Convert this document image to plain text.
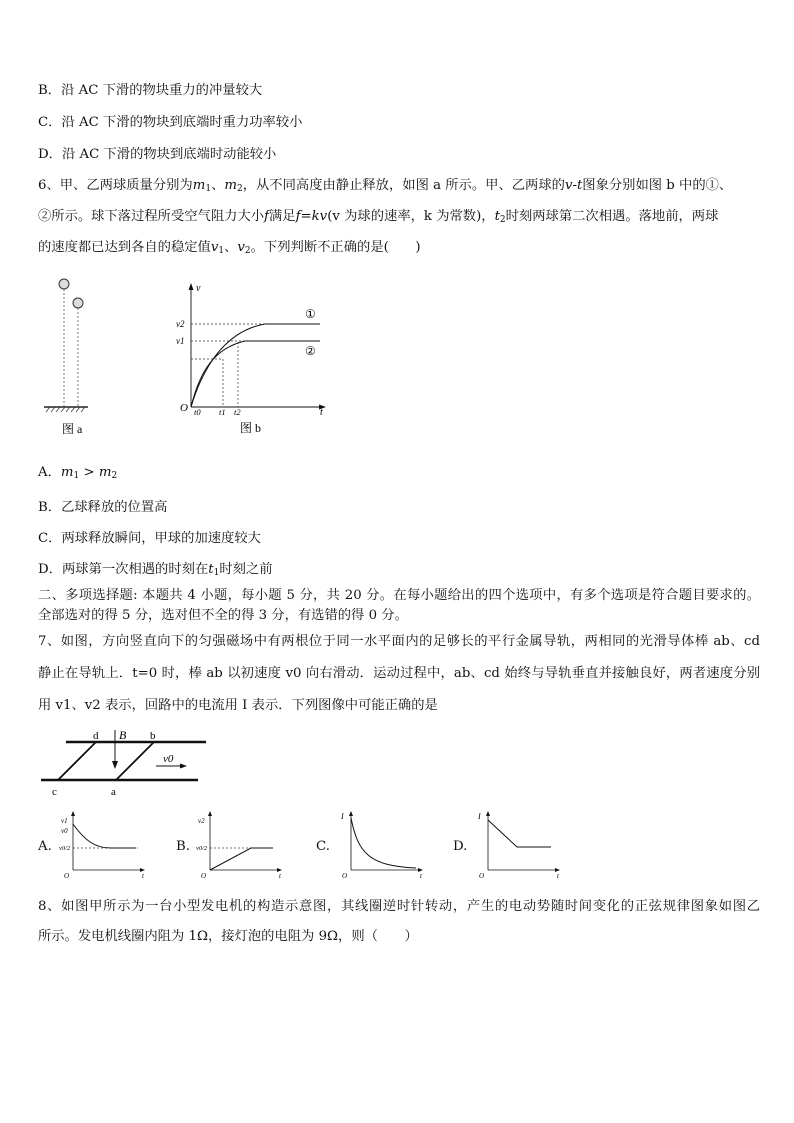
B．沿 AC 下滑的物块重力的冲量较大
C．沿 AC 下滑的物块到底端时重力功率较小
D．沿 AC 下滑的物块到底端时动能较小
6、甲、乙两球质量分别为$m_1$、$m_2$，从不同高度由静止释放，如图 a 所示。甲、乙两球的v-t图象分别如图 b 中的①、
②所示。球下落过程所受空气阻力大小f满足f=kv(v 为球的速率，k 为常数)，$t_2$时刻两球第二次相遇。落地前，两球
的速度都已达到各自的稳定值$v_1$、$v_2$。下列判断不正确的是(　　)
图 a
v
t
O
v2
v1
①
②
t0 t1 t2
图 b
A．$m_1 > m_2$
B．乙球释放的位置高
C．两球释放瞬间，甲球的加速度较大
D．两球第一次相遇的时刻在$t_1$时刻之前
二、多项选择题: 本题共 4 小题，每小题 5 分，共 20 分。在每小题给出的四个选项中，有多个选项是符合题目要求的。
全部选对的得 5 分，选对但不全的得 3 分，有选错的得 0 分。
7、如图，方向竖直向下的匀强磁场中有两根位于同一水平面内的足够长的平行金属导轨，两相同的光滑导体棒 ab、cd
静止在导轨上．t=0 时，棒 ab 以初速度 v0 向右滑动．运动过程中，ab、cd 始终与导轨垂直并接触良好，两者速度分别
用 v1、v2 表示，回路中的电流用 I 表示．下列图像中可能正确的是
B
d	b
c	a
v0
A.
v1
v0
v0/2
O	t
B.
v2
v0/2
O	t
C.
I
O	t
D.
I
O	t
8、如图甲所示为一台小型发电机的构造示意图，其线圈逆时针转动，产生的电动势随时间变化的正弦规律图象如图乙
所示。发电机线圈内阻为 1Ω，接灯泡的电阻为 9Ω，则（　　）
